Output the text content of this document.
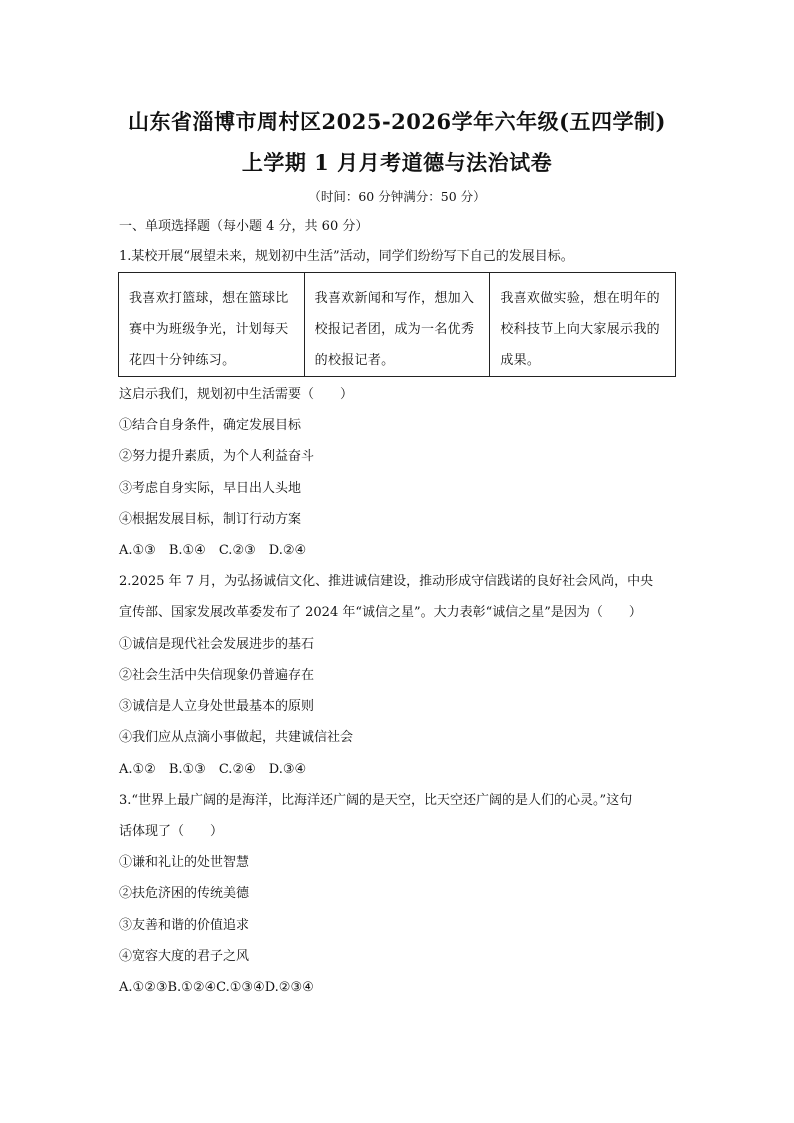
山东省淄博市周村区2025-2026学年六年级(五四学制)
上学期 1 月月考道德与法治试卷
（时间：60 分钟满分：50 分）
一、单项选择题（每小题 4 分，共 60 分）
1.某校开展“展望未来，规划初中生活”活动，同学们纷纷写下自己的发展目标。
我喜欢打篮球，想在篮球比赛中为班级争光，计划每天花四十分钟练习。	我喜欢新闻和写作，想加入校报记者团，成为一名优秀的校报记者。	我喜欢做实验，想在明年的校科技节上向大家展示我的成果。
这启示我们，规划初中生活需要（　　）
①结合自身条件，确定发展目标
②努力提升素质，为个人利益奋斗
③考虑自身实际，早日出人头地
④根据发展目标，制订行动方案
A.①③　B.①④　C.②③　D.②④
2.2025 年 7 月，为弘扬诚信文化、推进诚信建设，推动形成守信践诺的良好社会风尚，中央
宣传部、国家发展改革委发布了 2024 年“诚信之星”。大力表彰“诚信之星”是因为（　　）
①诚信是现代社会发展进步的基石
②社会生活中失信现象仍普遍存在
③诚信是人立身处世最基本的原则
④我们应从点滴小事做起，共建诚信社会
A.①②　B.①③　C.②④　D.③④
3.“世界上最广阔的是海洋，比海洋还广阔的是天空，比天空还广阔的是人们的心灵。”这句
话体现了（　　）
①谦和礼让的处世智慧
②扶危济困的传统美德
③友善和谐的价值追求
④宽容大度的君子之风
A.①②③B.①②④C.①③④D.②③④
